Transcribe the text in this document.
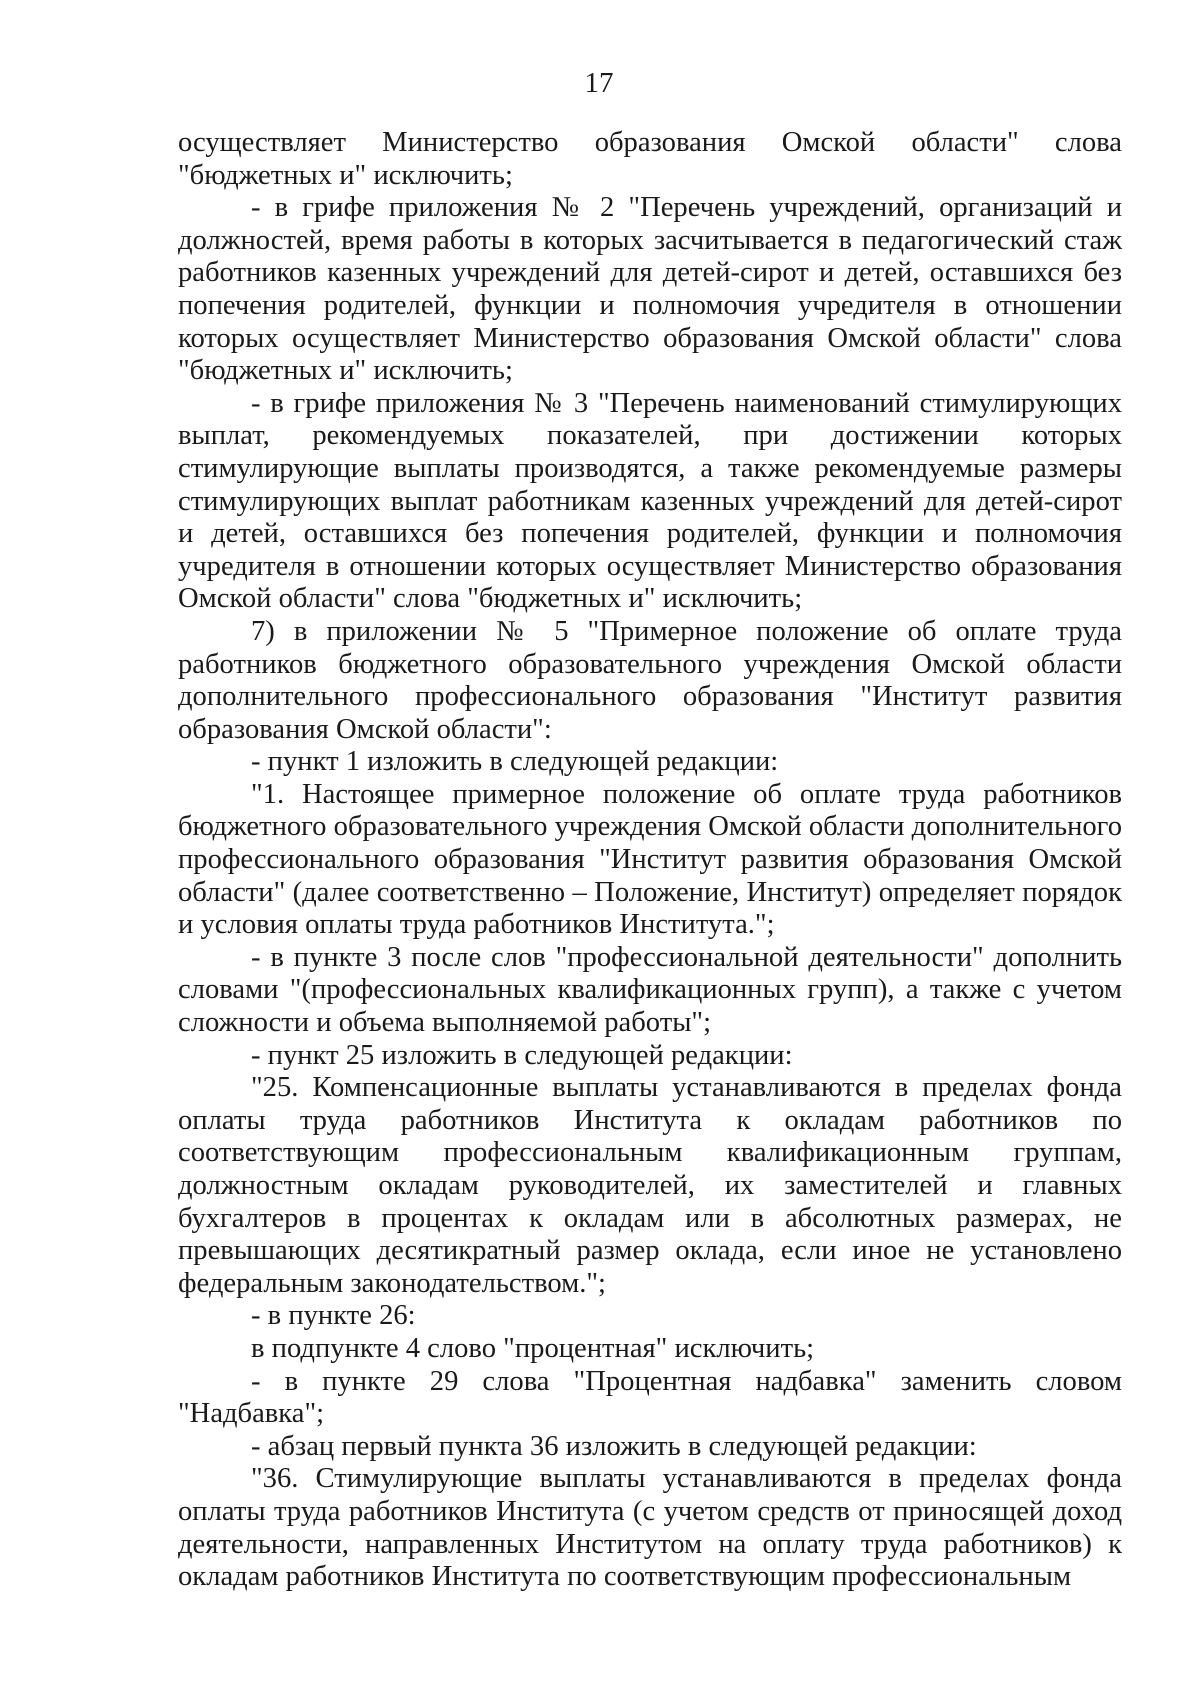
17

осуществляет Министерство образования Омской области" слова "бюджетных и" исключить;

- в грифе приложения № 2 "Перечень учреждений, организаций и должностей, время работы в которых засчитывается в педагогический стаж работников казенных учреждений для детей-сирот и детей, оставшихся без попечения родителей, функции и полномочия учредителя в отношении которых осуществляет Министерство образования Омской области" слова "бюджетных и" исключить;

- в грифе приложения № 3 "Перечень наименований стимулирующих выплат, рекомендуемых показателей, при достижении которых стимулирующие выплаты производятся, а также рекомендуемые размеры стимулирующих выплат работникам казенных учреждений для детей-сирот и детей, оставшихся без попечения родителей, функции и полномочия учредителя в отношении которых осуществляет Министерство образования Омской области" слова "бюджетных и" исключить;

7) в приложении № 5 "Примерное положение об оплате труда работников бюджетного образовательного учреждения Омской области дополнительного профессионального образования "Институт развития образования Омской области":

- пункт 1 изложить в следующей редакции:

"1. Настоящее примерное положение об оплате труда работников бюджетного образовательного учреждения Омской области дополнительного профессионального образования "Институт развития образования Омской области" (далее соответственно – Положение, Институт) определяет порядок и условия оплаты труда работников Института.";

- в пункте 3 после слов "профессиональной деятельности" дополнить словами "(профессиональных квалификационных групп), а также с учетом сложности и объема выполняемой работы";

- пункт 25 изложить в следующей редакции:

"25. Компенсационные выплаты устанавливаются в пределах фонда оплаты труда работников Института к окладам работников по соответствующим профессиональным квалификационным группам, должностным окладам руководителей, их заместителей и главных бухгалтеров в процентах к окладам или в абсолютных размерах, не превышающих десятикратный размер оклада, если иное не установлено федеральным законодательством.";

- в пункте 26:

в подпункте 4 слово "процентная" исключить;

- в пункте 29 слова "Процентная надбавка" заменить словом "Надбавка";

- абзац первый пункта 36 изложить в следующей редакции:

"36. Стимулирующие выплаты устанавливаются в пределах фонда оплаты труда работников Института (с учетом средств от приносящей доход деятельности, направленных Институтом на оплату труда работников) к окладам работников Института по соответствующим профессиональным
